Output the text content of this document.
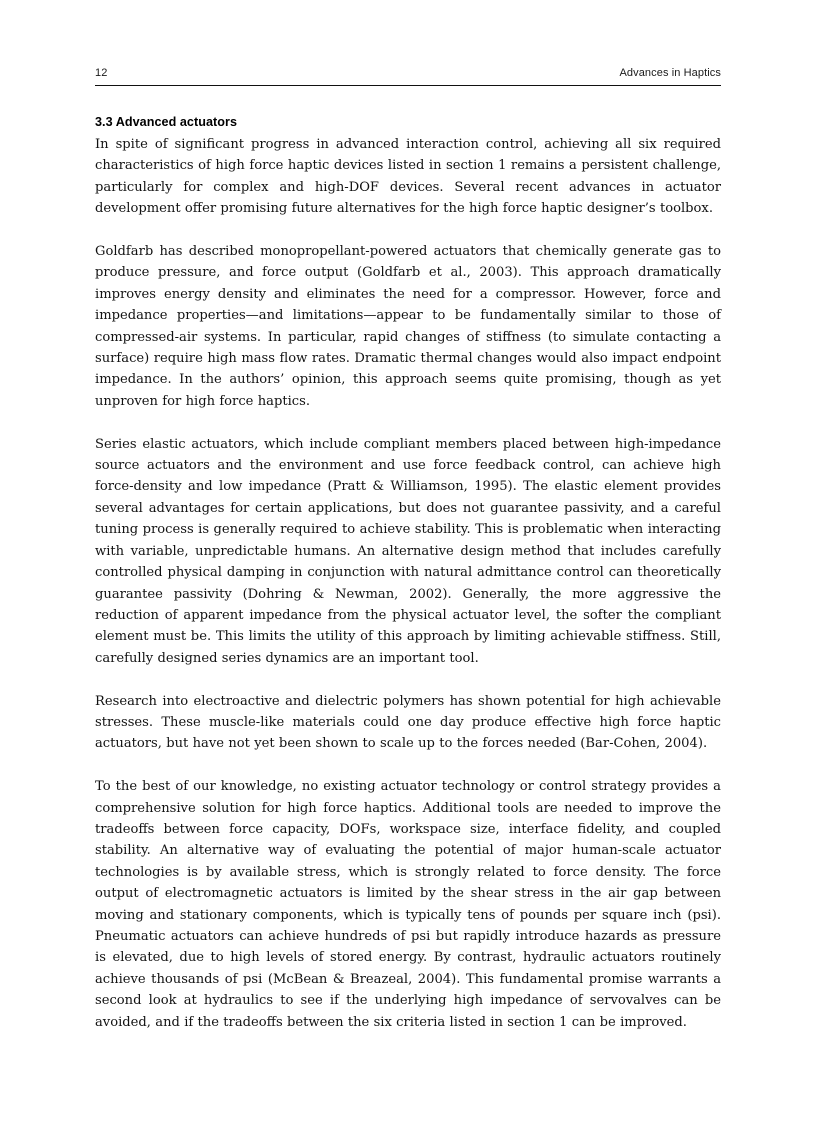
12	Advances in Haptics
3.3 Advanced actuators

In spite of significant progress in advanced interaction control, achieving all six required characteristics of high force haptic devices listed in section 1 remains a persistent challenge, particularly for complex and high-DOF devices. Several recent advances in actuator development offer promising future alternatives for the high force haptic designer’s toolbox.

Goldfarb has described monopropellant-powered actuators that chemically generate gas to produce pressure, and force output (Goldfarb et al., 2003). This approach dramatically improves energy density and eliminates the need for a compressor. However, force and impedance properties—and limitations—appear to be fundamentally similar to those of compressed-air systems. In particular, rapid changes of stiffness (to simulate contacting a surface) require high mass flow rates. Dramatic thermal changes would also impact endpoint impedance. In the authors’ opinion, this approach seems quite promising, though as yet unproven for high force haptics.

Series elastic actuators, which include compliant members placed between high-impedance source actuators and the environment and use force feedback control, can achieve high force-density and low impedance (Pratt & Williamson, 1995). The elastic element provides several advantages for certain applications, but does not guarantee passivity, and a careful tuning process is generally required to achieve stability. This is problematic when interacting with variable, unpredictable humans. An alternative design method that includes carefully controlled physical damping in conjunction with natural admittance control can theoretically guarantee passivity (Dohring & Newman, 2002). Generally, the more aggressive the reduction of apparent impedance from the physical actuator level, the softer the compliant element must be. This limits the utility of this approach by limiting achievable stiffness. Still, carefully designed series dynamics are an important tool.

Research into electroactive and dielectric polymers has shown potential for high achievable stresses. These muscle-like materials could one day produce effective high force haptic actuators, but have not yet been shown to scale up to the forces needed (Bar-Cohen, 2004).

To the best of our knowledge, no existing actuator technology or control strategy provides a comprehensive solution for high force haptics. Additional tools are needed to improve the tradeoffs between force capacity, DOFs, workspace size, interface fidelity, and coupled stability. An alternative way of evaluating the potential of major human-scale actuator technologies is by available stress, which is strongly related to force density. The force output of electromagnetic actuators is limited by the shear stress in the air gap between moving and stationary components, which is typically tens of pounds per square inch (psi). Pneumatic actuators can achieve hundreds of psi but rapidly introduce hazards as pressure is elevated, due to high levels of stored energy. By contrast, hydraulic actuators routinely achieve thousands of psi (McBean & Breazeal, 2004). This fundamental promise warrants a second look at hydraulics to see if the underlying high impedance of servovalves can be avoided, and if the tradeoffs between the six criteria listed in section 1 can be improved.
